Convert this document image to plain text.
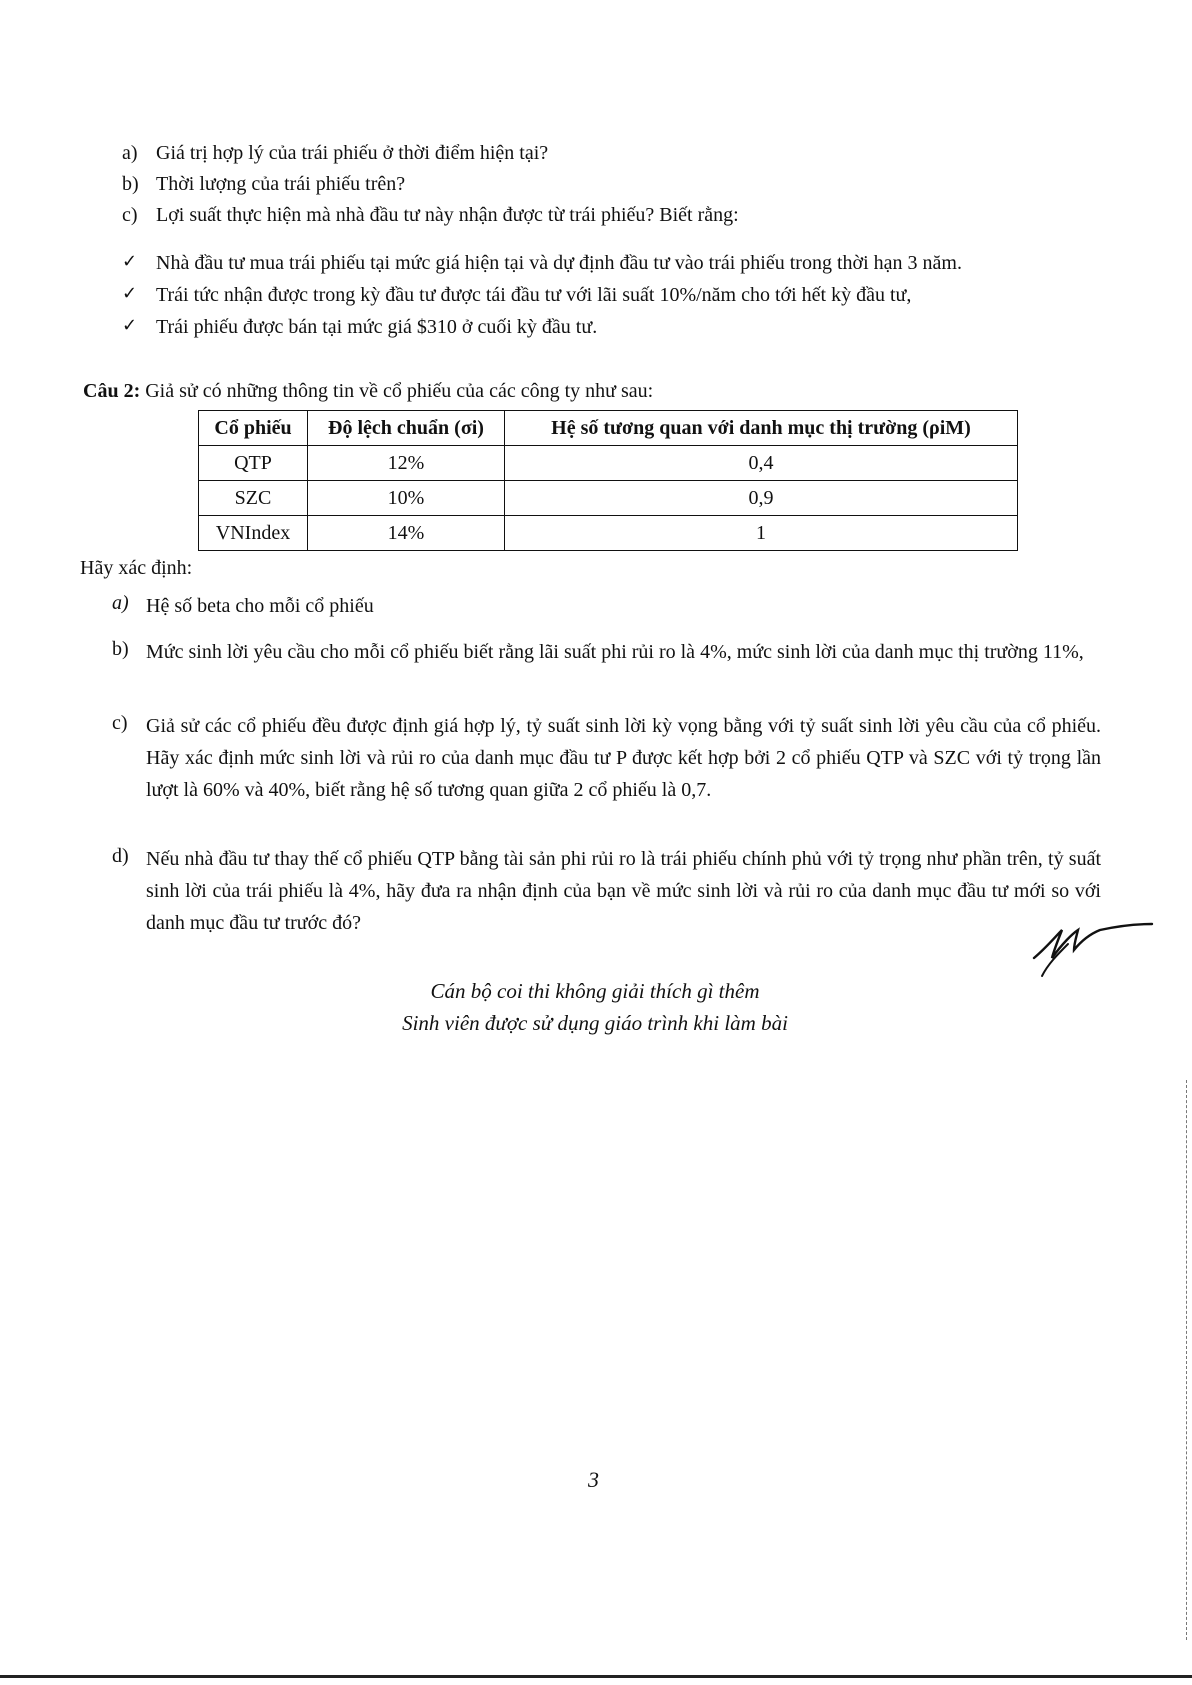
a) Giá trị hợp lý của trái phiếu ở thời điểm hiện tại?
b) Thời lượng của trái phiếu trên?
c) Lợi suất thực hiện mà nhà đầu tư này nhận được từ trái phiếu? Biết rằng:
✓ Nhà đầu tư mua trái phiếu tại mức giá hiện tại và dự định đầu tư vào trái phiếu trong thời hạn 3 năm.
✓ Trái tức nhận được trong kỳ đầu tư được tái đầu tư với lãi suất 10%/năm cho tới hết kỳ đầu tư,
✓ Trái phiếu được bán tại mức giá $310 ở cuối kỳ đầu tư.
Câu 2: Giả sử có những thông tin về cổ phiếu của các công ty như sau:
Cổ phiếu	Độ lệch chuẩn (σi)	Hệ số tương quan với danh mục thị trường (ρiM)
QTP	12%	0,4
SZC	10%	0,9
VNIndex	14%	1
Hãy xác định:
a) Hệ số beta cho mỗi cổ phiếu
b) Mức sinh lời yêu cầu cho mỗi cổ phiếu biết rằng lãi suất phi rủi ro là 4%, mức sinh lời của danh mục thị trường 11%,
c) Giả sử các cổ phiếu đều được định giá hợp lý, tỷ suất sinh lời kỳ vọng bằng với tỷ suất sinh lời yêu cầu của cổ phiếu. Hãy xác định mức sinh lời và rủi ro của danh mục đầu tư P được kết hợp bởi 2 cổ phiếu QTP và SZC với tỷ trọng lần lượt là 60% và 40%, biết rằng hệ số tương quan giữa 2 cổ phiếu là 0,7.
d) Nếu nhà đầu tư thay thế cổ phiếu QTP bằng tài sản phi rủi ro là trái phiếu chính phủ với tỷ trọng như phần trên, tỷ suất sinh lời của trái phiếu là 4%, hãy đưa ra nhận định của bạn về mức sinh lời và rủi ro của danh mục đầu tư mới so với danh mục đầu tư trước đó?
Cán bộ coi thi không giải thích gì thêm
Sinh viên được sử dụng giáo trình khi làm bài
3
